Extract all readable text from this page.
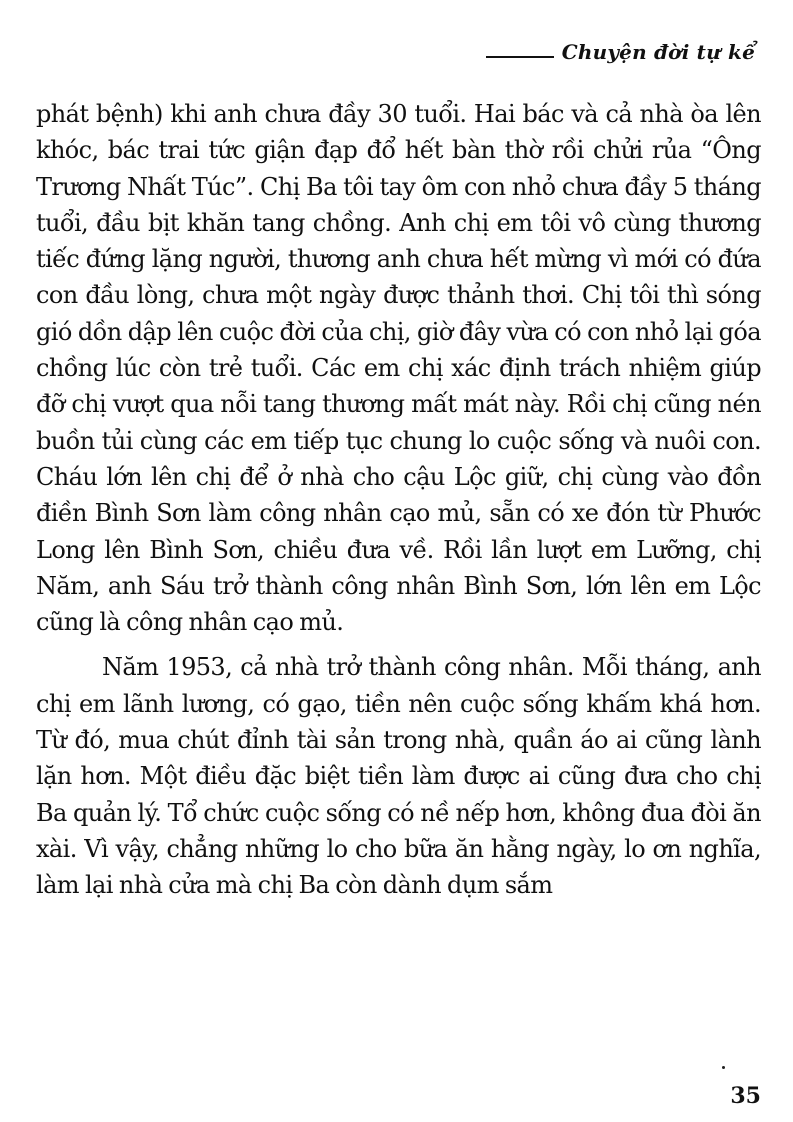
Chuyện đời tự kể

phát bệnh) khi anh chưa đầy 30 tuổi. Hai bác và cả nhà òa lên khóc, bác trai tức giận đạp đổ hết bàn thờ rồi chửi rủa “Ông Trương Nhất Túc”. Chị Ba tôi tay ôm con nhỏ chưa đầy 5 tháng tuổi, đầu bịt khăn tang chồng. Anh chị em tôi vô cùng thương tiếc đứng lặng người, thương anh chưa hết mừng vì mới có đứa con đầu lòng, chưa một ngày được thảnh thơi. Chị tôi thì sóng gió dồn dập lên cuộc đời của chị, giờ đây vừa có con nhỏ lại góa chồng lúc còn trẻ tuổi. Các em chị xác định trách nhiệm giúp đỡ chị vượt qua nỗi tang thương mất mát này. Rồi chị cũng nén buồn tủi cùng các em tiếp tục chung lo cuộc sống và nuôi con. Cháu lớn lên chị để ở nhà cho cậu Lộc giữ, chị cùng vào đồn điền Bình Sơn làm công nhân cạo mủ, sẵn có xe đón từ Phước Long lên Bình Sơn, chiều đưa về. Rồi lần lượt em Lưỡng, chị Năm, anh Sáu trở thành công nhân Bình Sơn, lớn lên em Lộc cũng là công nhân cạo mủ.

Năm 1953, cả nhà trở thành công nhân. Mỗi tháng, anh chị em lãnh lương, có gạo, tiền nên cuộc sống khấm khá hơn. Từ đó, mua chút đỉnh tài sản trong nhà, quần áo ai cũng lành lặn hơn. Một điều đặc biệt tiền làm được ai cũng đưa cho chị Ba quản lý. Tổ chức cuộc sống có nề nếp hơn, không đua đòi ăn xài. Vì vậy, chẳng những lo cho bữa ăn hằng ngày, lo ơn nghĩa, làm lại nhà cửa mà chị Ba còn dành dụm sắm

35
